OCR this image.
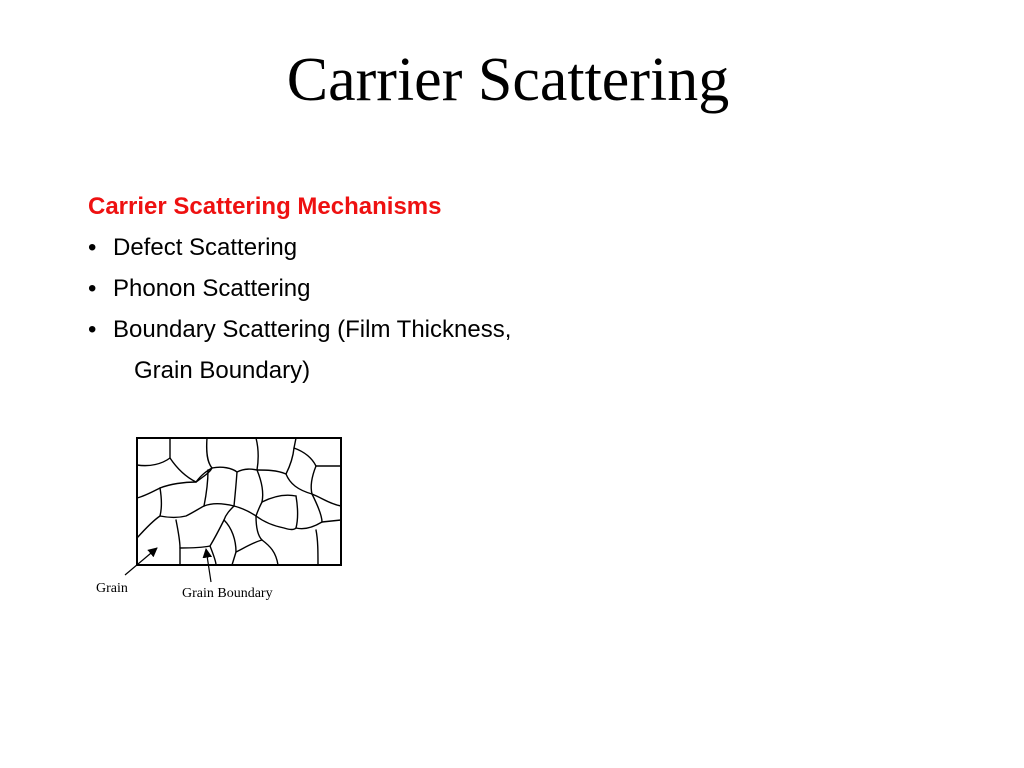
Carrier Scattering
Carrier Scattering Mechanisms
• Defect Scattering
• Phonon Scattering
• Boundary Scattering (Film Thickness,
Grain Boundary)
Grain	Grain Boundary
